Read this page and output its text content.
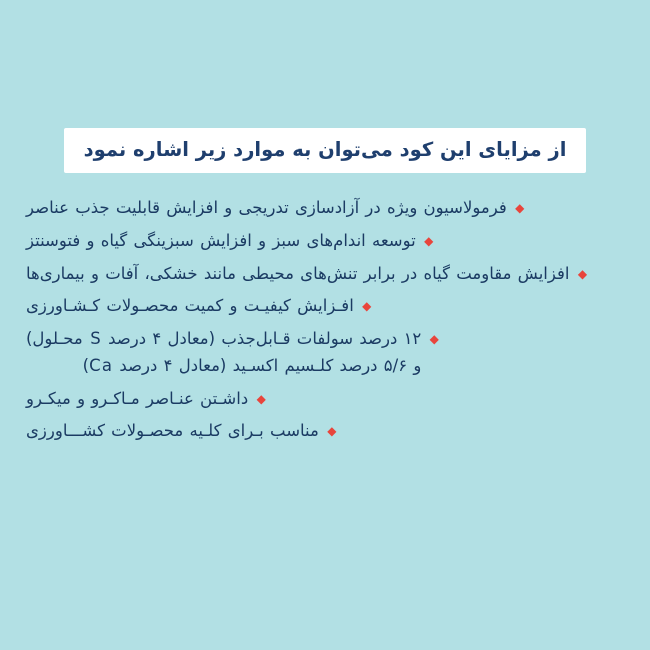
از مزایای این کود می‌توان به موارد زیر اشاره نمود
◆
فرمولاسیون ویژه در آزادسازی تدریجی و افزایش قابلیت جذب عناصر
◆
توسعه اندام‌های سبز و افزایش سبزینگی گیاه و فتوسنتز
◆
افزایش مقاومت گیاه در برابر تنش‌های محیطی مانند خشکی، آفات و بیماری‌ها
◆
افـزایش کیفیـت و کمیت محصـولات کـشـاورزی
◆
۱۲ درصد سولفات قـابل‌جذب (معادل ۴ درصد S محـلول)
و ۵/۶ درصد کلـسیم اکسـید (معادل ۴ درصد Ca)
◆
داشـتن عنـاصر مـاکـرو و میکـرو
◆
مناسب بـرای کلـیه محصـولات کشـــاورزی
